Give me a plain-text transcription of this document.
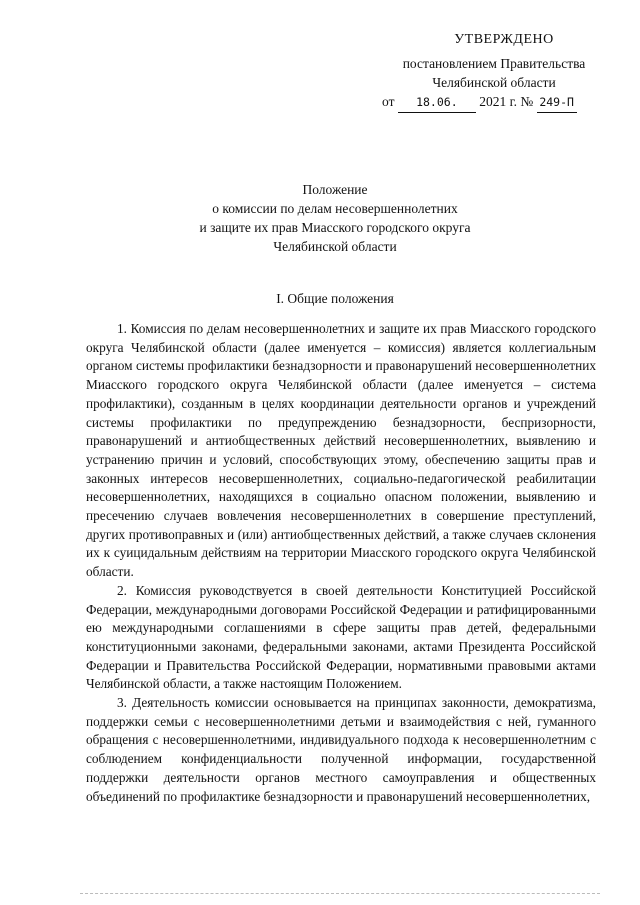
УТВЕРЖДЕНО
постановлением Правительства
Челябинской области
от 18.06. 2021 г. № 249-П
Положение
о комиссии по делам несовершеннолетних
и защите их прав Миасского городского округа
Челябинской области
I. Общие положения

1. Комиссия по делам несовершеннолетних и защите их прав Миасского городского округа Челябинской области (далее именуется – комиссия) является коллегиальным органом системы профилактики безнадзорности и правонарушений несовершеннолетних Миасского городского округа Челябинской области (далее именуется – система профилактики), созданным в целях координации деятельности органов и учреждений системы профилактики по предупреждению безнадзорности, беспризорности, правонарушений и антиобщественных действий несовершеннолетних, выявлению и устранению причин и условий, способствующих этому, обеспечению защиты прав и законных интересов несовершеннолетних, социально-педагогической реабилитации несовершеннолетних, находящихся в социально опасном положении, выявлению и пресечению случаев вовлечения несовершеннолетних в совершение преступлений, других противоправных и (или) антиобщественных действий, а также случаев склонения их к суицидальным действиям на территории Миасского городского округа Челябинской области.

2. Комиссия руководствуется в своей деятельности Конституцией Российской Федерации, международными договорами Российской Федерации и ратифицированными ею международными соглашениями в сфере защиты прав детей, федеральными конституционными законами, федеральными законами, актами Президента Российской Федерации и Правительства Российской Федерации, нормативными правовыми актами Челябинской области, а также настоящим Положением.

3. Деятельность комиссии основывается на принципах законности, демократизма, поддержки семьи с несовершеннолетними детьми и взаимодействия с ней, гуманного обращения с несовершеннолетними, индивидуального подхода к несовершеннолетним с соблюдением конфиденциальности полученной информации, государственной поддержки деятельности органов местного самоуправления и общественных объединений по профилактике безнадзорности и правонарушений несовершеннолетних,
